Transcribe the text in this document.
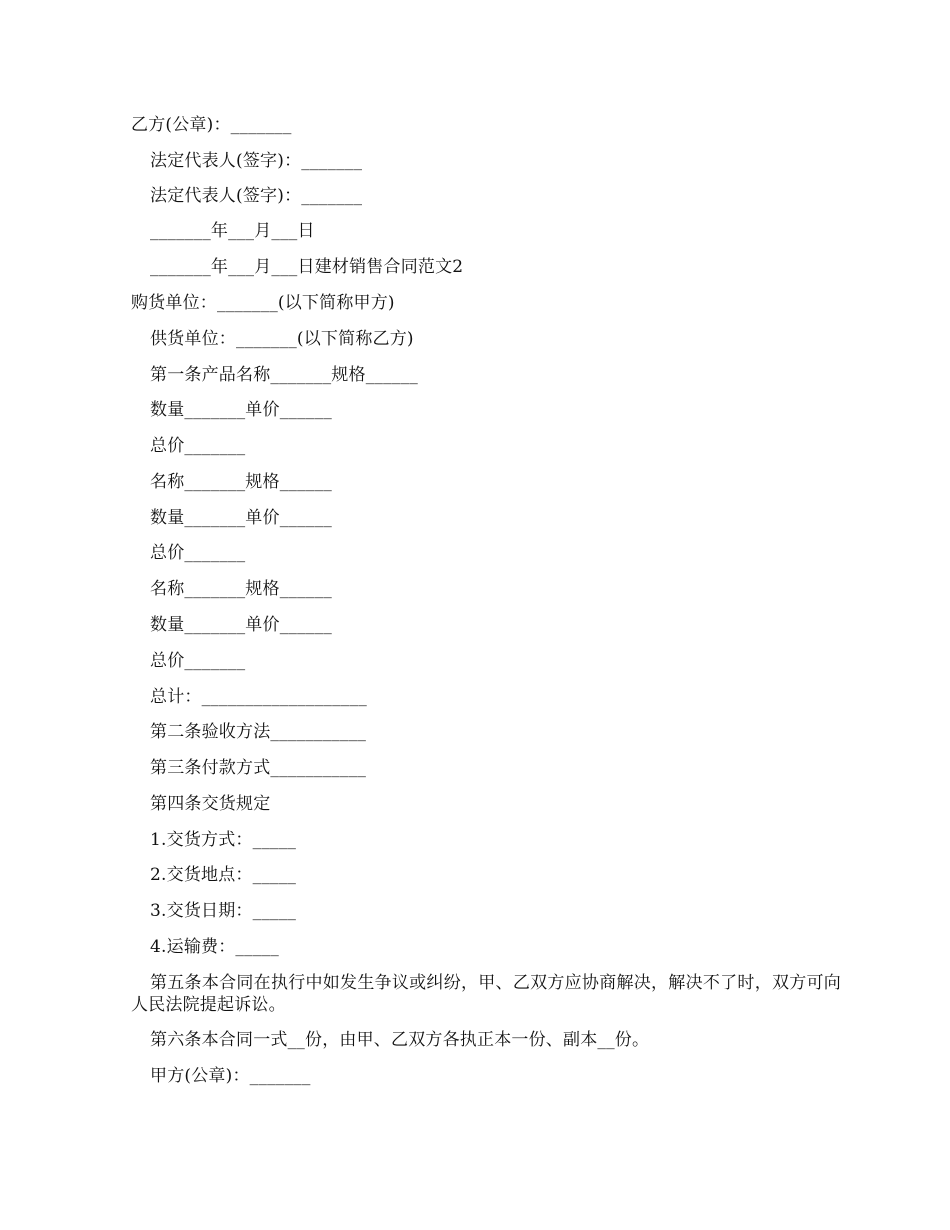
乙方(公章)：_______
法定代表人(签字)：_______
法定代表人(签字)：_______
_______年___月___日
_______年___月___日建材销售合同范文2
购货单位：_______(以下简称甲方)
供货单位：_______(以下简称乙方)
第一条产品名称_______规格______
数量_______单价______
总价_______
名称_______规格______
数量_______单价______
总价_______
名称_______规格______
数量_______单价______
总价_______
总计：___________________
第二条验收方法___________
第三条付款方式___________
第四条交货规定
1.交货方式：_____
2.交货地点：_____
3.交货日期：_____
4.运输费：_____
第五条本合同在执行中如发生争议或纠纷，甲、乙双方应协商解决，解决不了时，双方可向人民法院提起诉讼。
第六条本合同一式__份，由甲、乙双方各执正本一份、副本__份。
甲方(公章)：_______
